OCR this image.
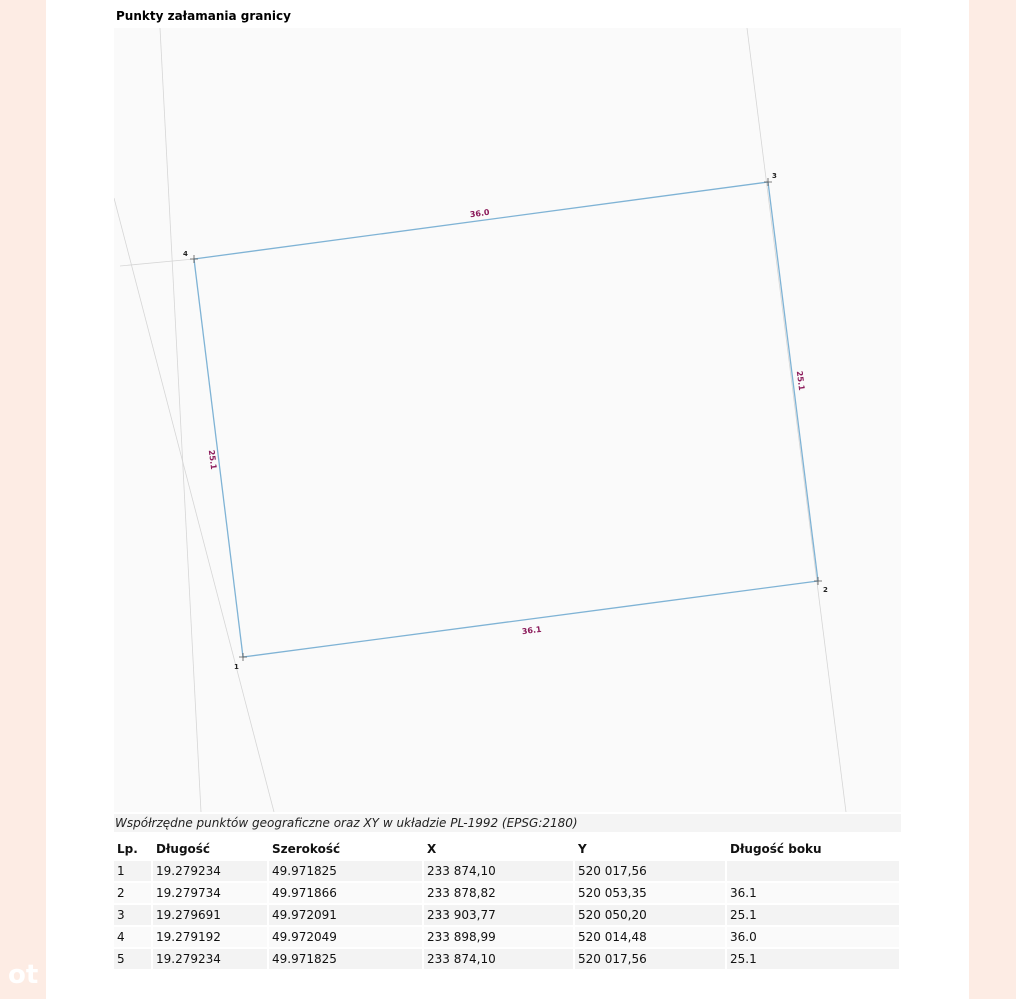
Punkty załamania granicy
1
2
3
4
36.1
25.1
36.0
25.1
Współrzędne punktów geograficzne oraz XY w układzie PL-1992 (EPSG:2180)
Lp.	Długość	Szerokość	X	Y	Długość boku
1	19.279234	49.971825	233 874,10	520 017,56	
2	19.279734	49.971866	233 878,82	520 053,35	36.1
3	19.279691	49.972091	233 903,77	520 050,20	25.1
4	19.279192	49.972049	233 898,99	520 014,48	36.0
5	19.279234	49.971825	233 874,10	520 017,56	25.1
ot
